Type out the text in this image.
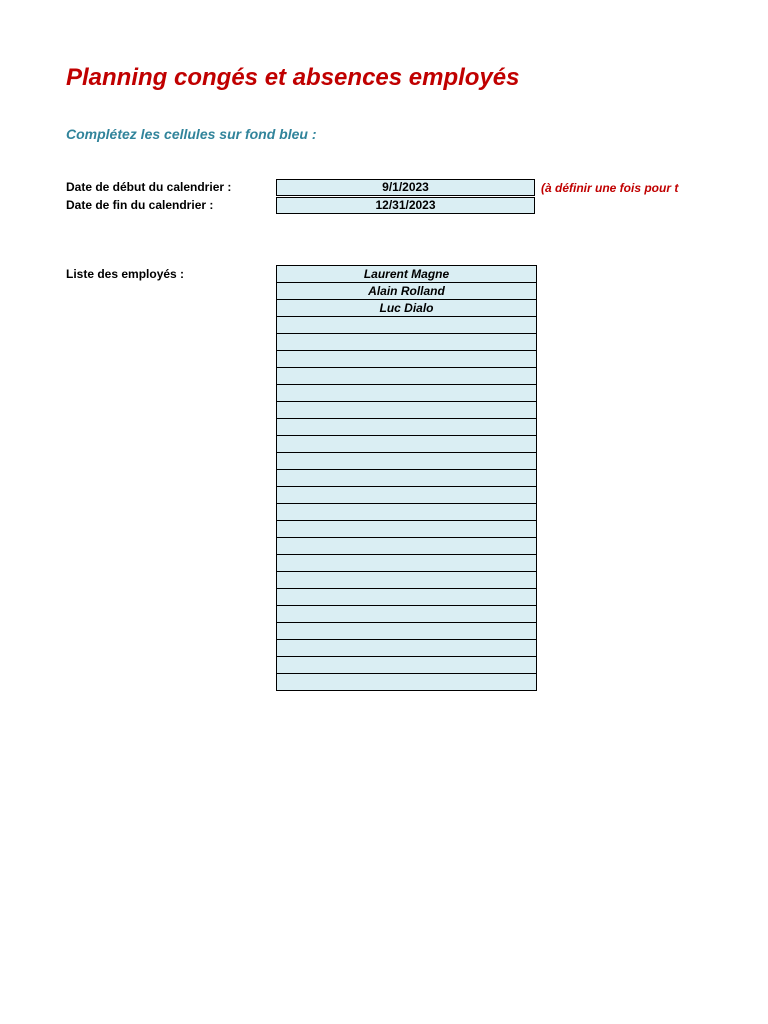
Planning congés et absences employés
Complétez les cellules sur fond bleu :
Date de début du calendrier :	9/1/2023	(à définir une fois pour t
Date de fin du calendrier :	12/31/2023
Liste des employés :	Laurent Magne
Alain Rolland
Luc Dialo
